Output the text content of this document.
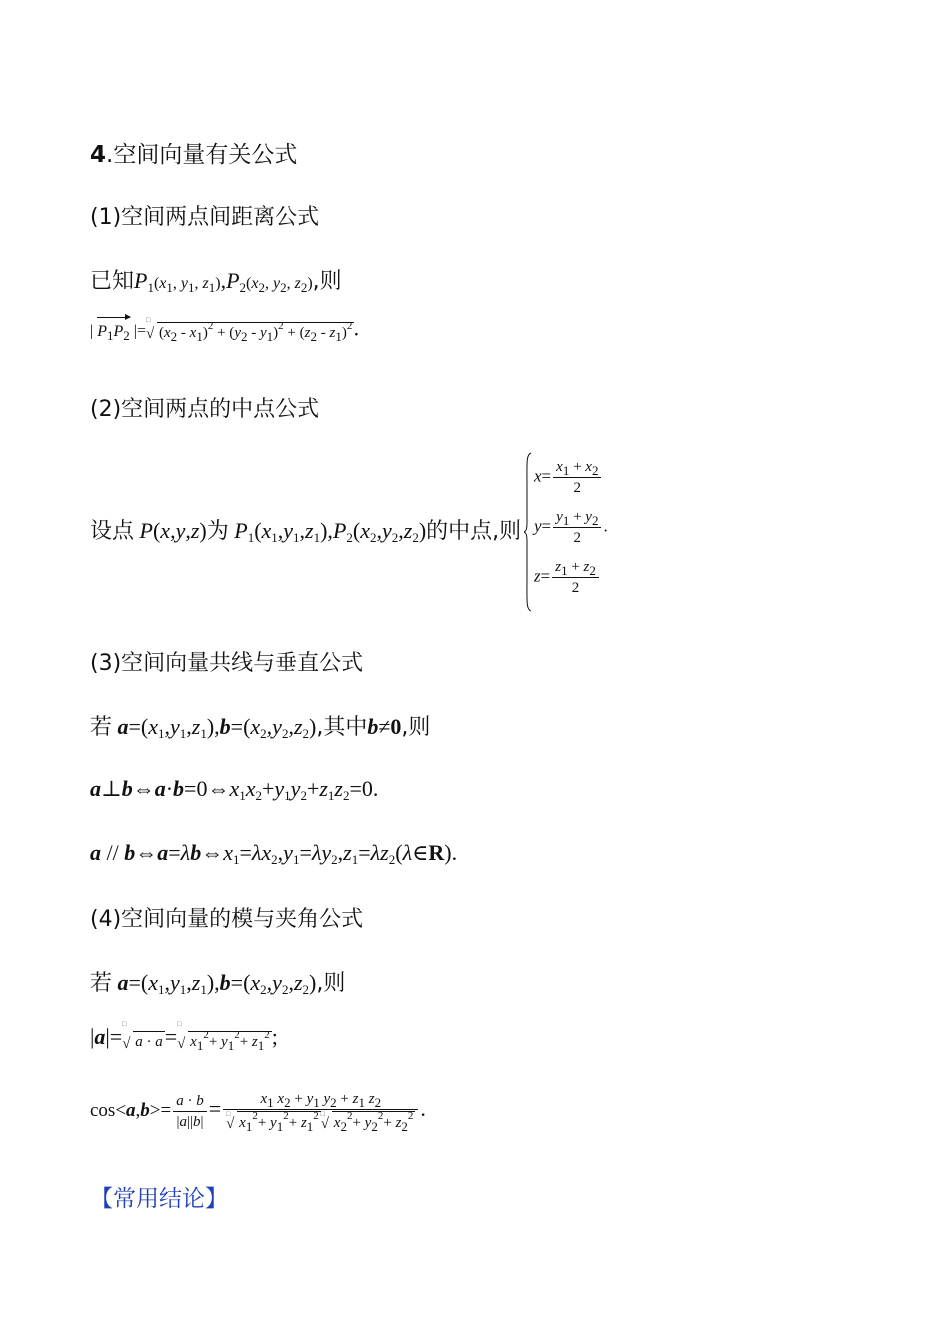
4.空间向量有关公式
(1)空间两点间距离公式
已知$P_1(x_1$, $y_1$, $z_1),P_2(x_2$, $y_2$, $z_2$),则
| $P_1P_2$
|=
□
√ $(x_2 - x_1)^2 + (y_2 - y_1)^2 + (z_2 - z_1)^2$ .
(2)空间两点的中点公式
设点 P(x,y,z)为 $P_1(x_1,y_1,z_1),P_2(x_2,y_2,z_2)$的中点,则
$x= \frac{x_1 + x_2}{2}$
$y= \frac{y_1 + y_2}{2}$ .
$z= \frac{z_1 + z_2}{2}$
(3)空间向量共线与垂直公式
若 $a=(x_1,y_1,z_1),b=(x_2,y_2,z_2)$,其中b≠0,则
$a\perp b\Leftrightarrow a\cdot b=0\Leftrightarrow x_1x_2+y_1y_2+z_1z_2=0$.
$a // b\Leftrightarrow a=\lambda b\Leftrightarrow x_1=\lambda x_2,y_1=\lambda y_2,z_1=\lambda z_2(\lambda\in R)$.
(4)空间向量的模与夹角公式
若 $a=(x_1,y_1,z_1),b=(x_2,y_2,z_2)$,则
|a|=
□
√ a · a=
□
√ $x_1^2+ y_1^2+ z_1^2$;
$\cos<a,b>= \frac{a \cdot b}{|a||b|} = x_1$ $x_2 + y_1$ $y_2 + z_1$ $z_2$
□
√ $x_1^2+ y_1^2+ z_1^2$ □
√ $x_2^2+ y_2^2+ z_2^2$ .
【常用结论】
